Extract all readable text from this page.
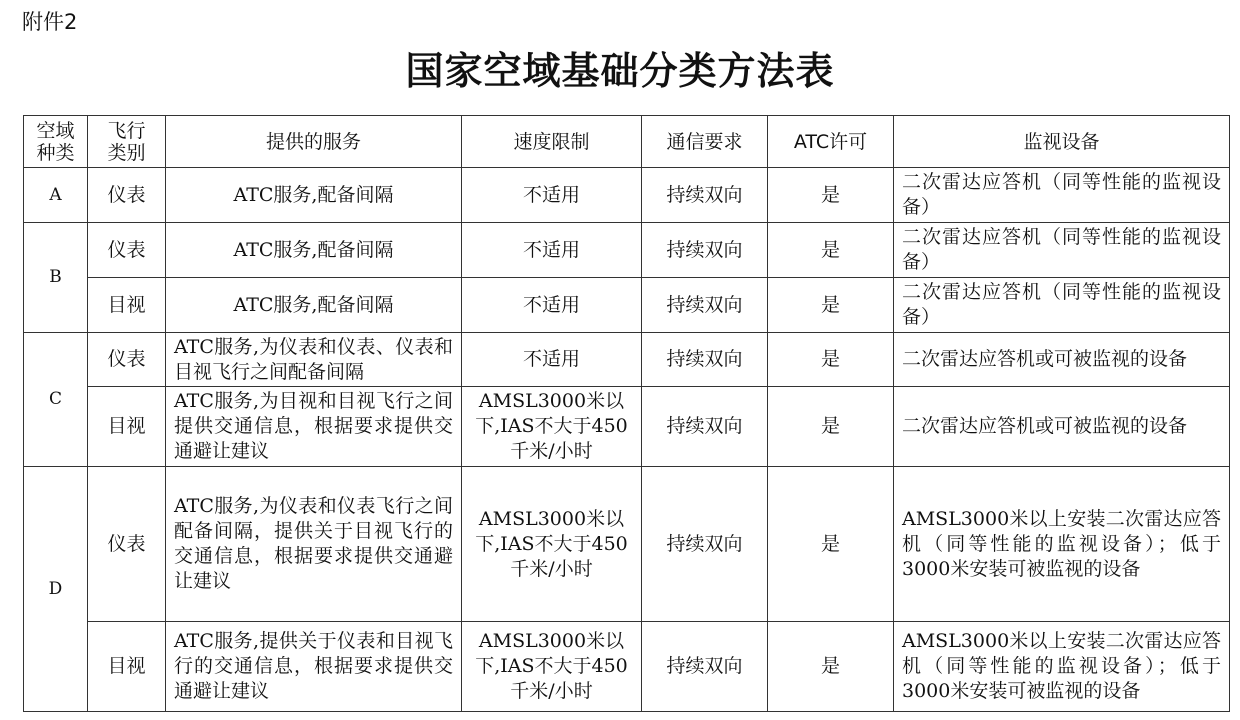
附件2
国家空域基础分类方法表
空域种类	飞行类别	提供的服务	速度限制	通信要求	ATC许可	监视设备
A	仪表	ATC服务,配备间隔	不适用	持续双向	是	二次雷达应答机（同等性能的监视设备）
B	仪表	ATC服务,配备间隔	不适用	持续双向	是	二次雷达应答机（同等性能的监视设备）
	目视	ATC服务,配备间隔	不适用	持续双向	是	二次雷达应答机（同等性能的监视设备）
C	仪表	ATC服务,为仪表和仪表、仪表和目视飞行之间配备间隔	不适用	持续双向	是	二次雷达应答机或可被监视的设备
	目视	ATC服务,为目视和目视飞行之间提供交通信息，根据要求提供交通避让建议	AMSL3000米以下,IAS不大于450千米/小时	持续双向	是	二次雷达应答机或可被监视的设备
D	仪表	ATC服务,为仪表和仪表飞行之间配备间隔，提供关于目视飞行的交通信息，根据要求提供交通避让建议	AMSL3000米以下,IAS不大于450千米/小时	持续双向	是	AMSL3000米以上安装二次雷达应答机（同等性能的监视设备）；低于3000米安装可被监视的设备
	目视	ATC服务,提供关于仪表和目视飞行的交通信息，根据要求提供交通避让建议	AMSL3000米以下,IAS不大于450千米/小时	持续双向	是	AMSL3000米以上安装二次雷达应答机（同等性能的监视设备）；低于3000米安装可被监视的设备
